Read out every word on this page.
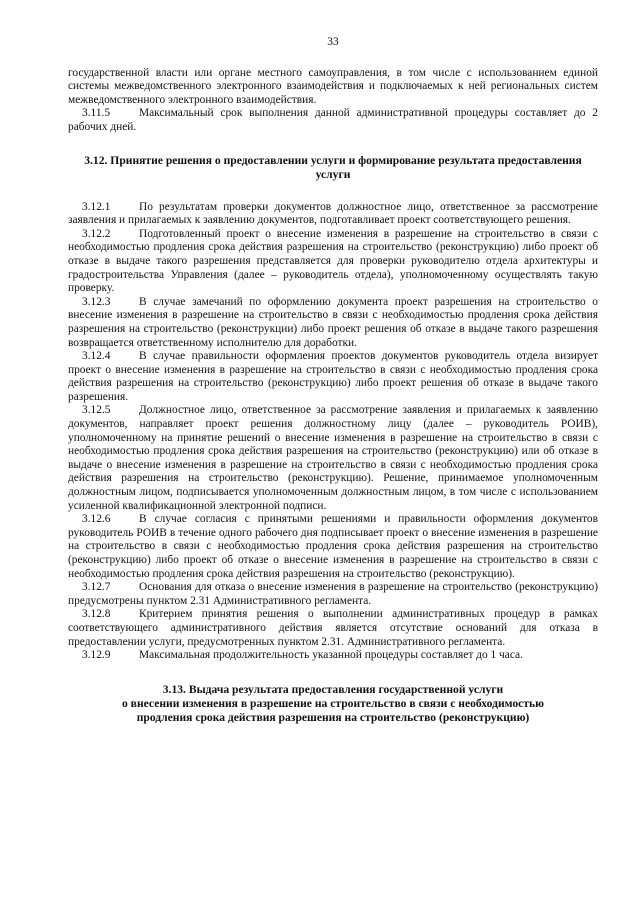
33

государственной власти или органе местного самоуправления, в том числе с использованием единой системы межведомственного электронного взаимодействия и подключаемых к ней региональных систем межведомственного электронного взаимодействия.

3.11.5	Максимальный срок выполнения данной административной процедуры составляет до 2 рабочих дней.

3.12. Принятие решения о предоставлении услуги и формирование результата предоставления услуги

3.12.1	По результатам проверки документов должностное лицо, ответственное за рассмотрение заявления и прилагаемых к заявлению документов, подготавливает проект соответствующего решения.

3.12.2	Подготовленный проект о внесение изменения в разрешение на строительство в связи с необходимостью продления срока действия разрешения на строительство (реконструкцию) либо проект об отказе в выдаче такого разрешения представляется для проверки руководителю отдела архитектуры и градостроительства Управления (далее – руководитель отдела), уполномоченному осуществлять такую проверку.

3.12.3	В случае замечаний по оформлению документа проект разрешения на строительство о внесение изменения в разрешение на строительство в связи с необходимостью продления срока действия разрешения на строительство (реконструкции) либо проект решения об отказе в выдаче такого разрешения возвращается ответственному исполнителю для доработки.

3.12.4	В случае правильности оформления проектов документов руководитель отдела визирует проект о внесение изменения в разрешение на строительство в связи с необходимостью продления срока действия разрешения на строительство (реконструкцию) либо проект решения об отказе в выдаче такого разрешения.

3.12.5	Должностное лицо, ответственное за рассмотрение заявления и прилагаемых к заявлению документов, направляет проект решения должностному лицу (далее – руководитель РОИВ), уполномоченному на принятие решений о внесение изменения в разрешение на строительство в связи с необходимостью продления срока действия разрешения на строительство (реконструкцию) или об отказе в выдаче о внесение изменения в разрешение на строительство в связи с необходимостью продления срока действия разрешения на строительство (реконструкцию). Решение, принимаемое уполномоченным должностным лицом, подписывается уполномоченным должностным лицом, в том числе с использованием усиленной квалификационной электронной подписи.

3.12.6	В случае согласия с принятыми решениями и правильности оформления документов руководитель РОИВ в течение одного рабочего дня подписывает проект о внесение изменения в разрешение на строительство в связи с необходимостью продления срока действия разрешения на строительство (реконструкцию) либо проект об отказе о внесение изменения в разрешение на строительство в связи с необходимостью продления срока действия разрешения на строительство (реконструкцию).

3.12.7	Основания для отказа о внесение изменения в разрешение на строительство (реконструкцию) предусмотрены пунктом 2.31 Административного регламента.

3.12.8	Критерием принятия решения о выполнении административных процедур в рамках соответствующего административного действия является отсутствие оснований для отказа в предоставлении услуги, предусмотренных пунктом 2.31. Административного регламента.

3.12.9	Максимальная продолжительность указанной процедуры составляет до 1 часа.

3.13. Выдача результата предоставления государственной услуги
о внесении изменения в разрешение на строительство в связи с необходимостью
продления срока действия разрешения на строительство (реконструкцию)
